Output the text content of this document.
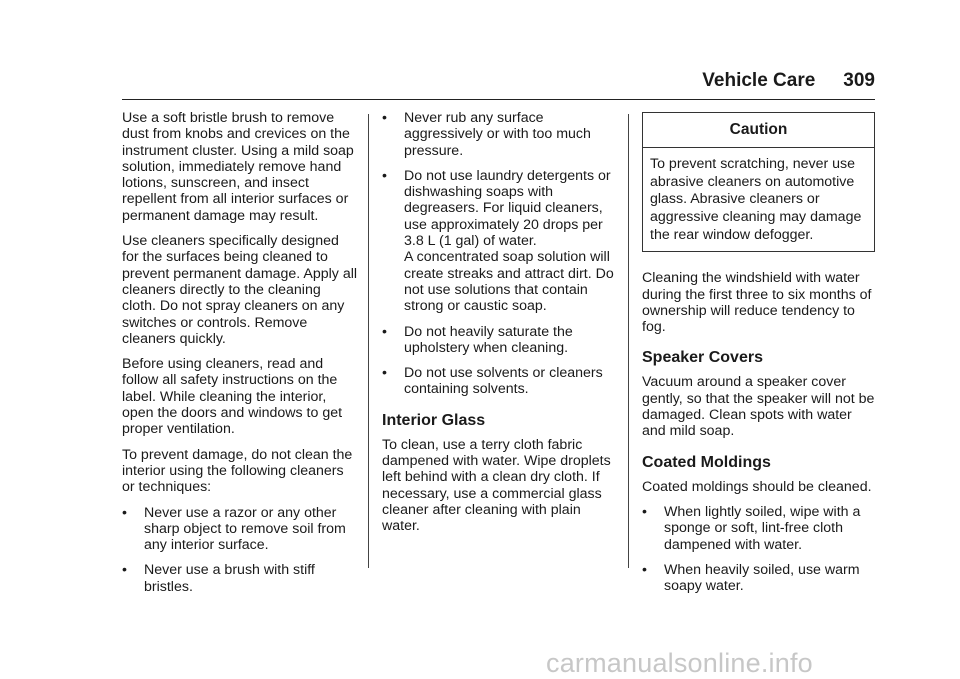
Vehicle Care 309

Use a soft bristle brush to remove dust from knobs and crevices on the instrument cluster. Using a mild soap solution, immediately remove hand lotions, sunscreen, and insect repellent from all interior surfaces or permanent damage may result.

Use cleaners specifically designed for the surfaces being cleaned to prevent permanent damage. Apply all cleaners directly to the cleaning cloth. Do not spray cleaners on any switches or controls. Remove cleaners quickly.

Before using cleaners, read and follow all safety instructions on the label. While cleaning the interior, open the doors and windows to get proper ventilation.

To prevent damage, do not clean the interior using the following cleaners or techniques:

•	Never use a razor or any other sharp object to remove soil from any interior surface.
•	Never use a brush with stiff bristles.
•	Never rub any surface aggressively or with too much pressure.
•	Do not use laundry detergents or dishwashing soaps with degreasers. For liquid cleaners, use approximately 20 drops per 3.8 L (1 gal) of water.
A concentrated soap solution will create streaks and attract dirt. Do not use solutions that contain strong or caustic soap.
•	Do not heavily saturate the upholstery when cleaning.
•	Do not use solvents or cleaners containing solvents.
Interior Glass

To clean, use a terry cloth fabric dampened with water. Wipe droplets left behind with a clean dry cloth. If necessary, use a commercial glass cleaner after cleaning with plain water.

Caution
To prevent scratching, never use abrasive cleaners on automotive glass. Abrasive cleaners or aggressive cleaning may damage the rear window defogger.

Cleaning the windshield with water during the first three to six months of ownership will reduce tendency to fog.

Speaker Covers

Vacuum around a speaker cover gently, so that the speaker will not be damaged. Clean spots with water and mild soap.

Coated Moldings

Coated moldings should be cleaned.

•	When lightly soiled, wipe with a sponge or soft, lint-free cloth dampened with water.
•	When heavily soiled, use warm soapy water.
carmanualsonline.info
